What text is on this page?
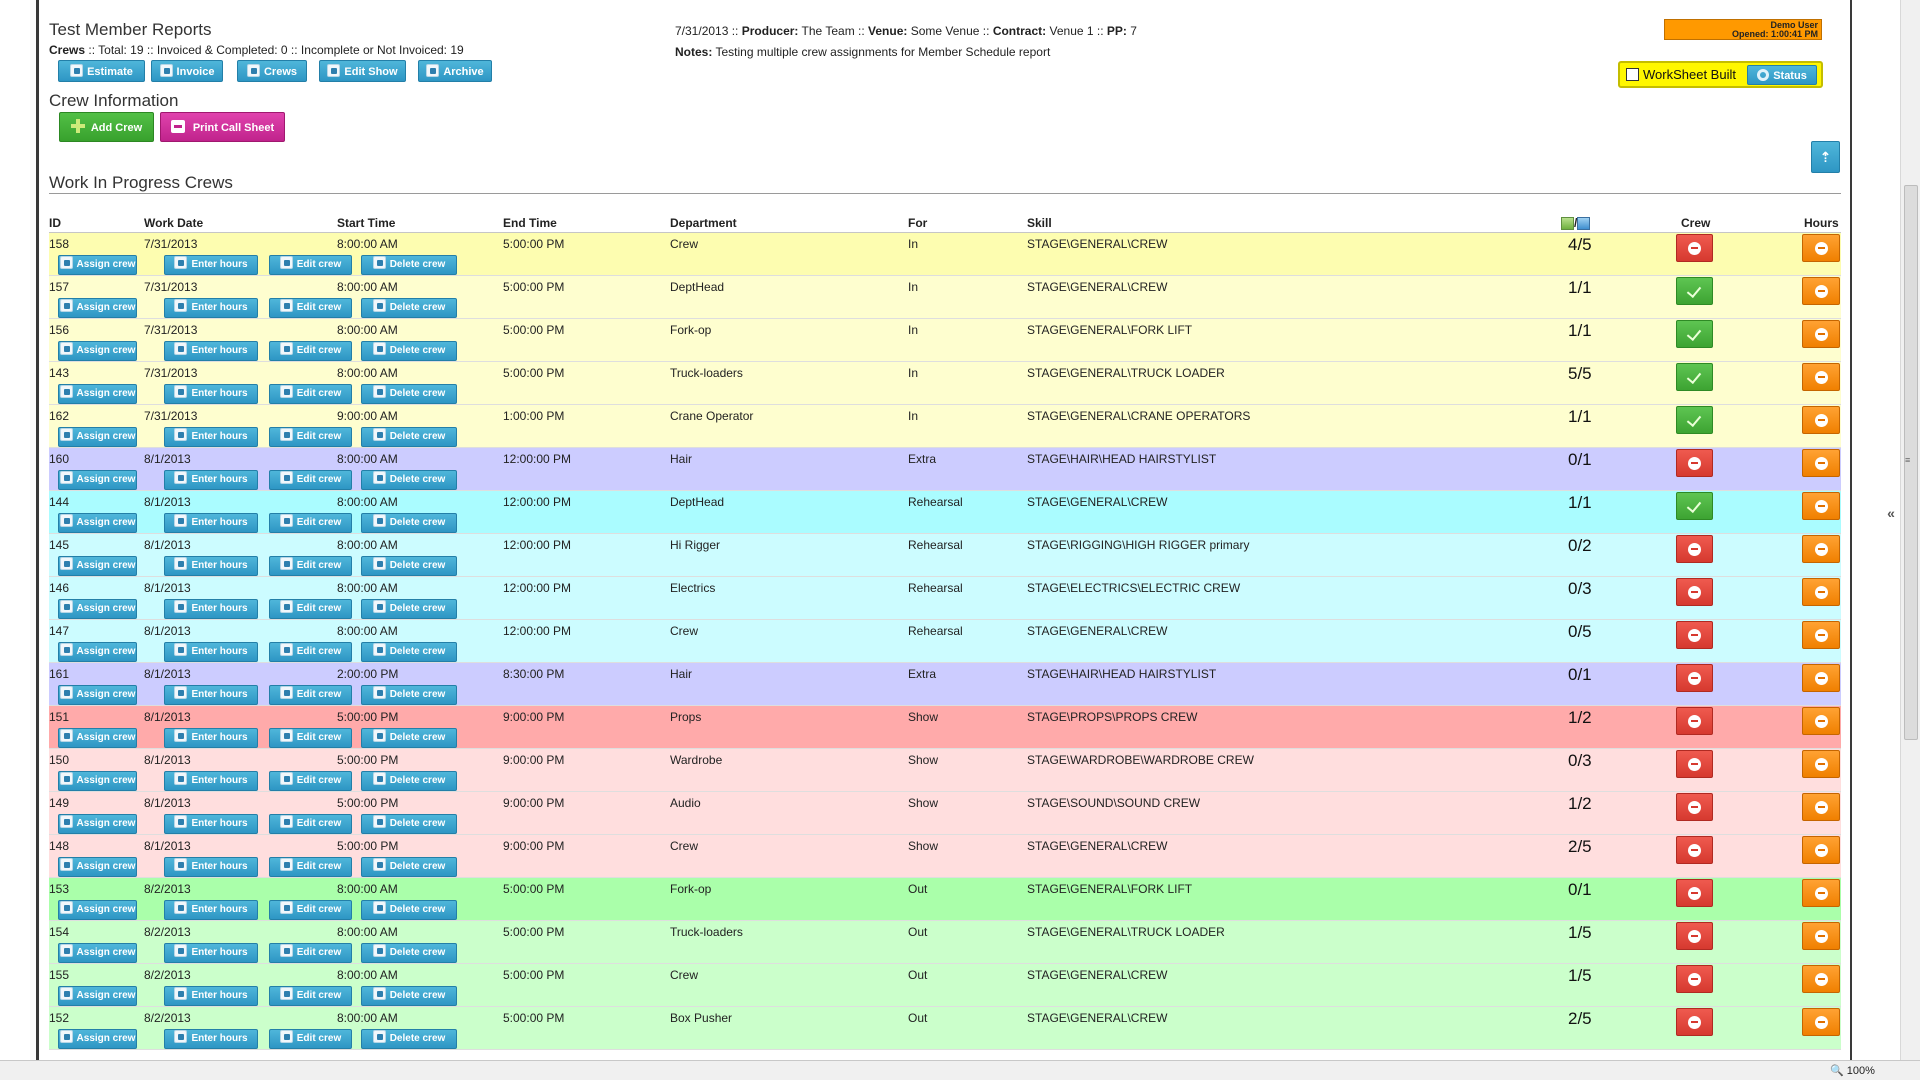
Test Member Reports
Crews :: Total: 19 :: Invoiced & Completed: 0 :: Incomplete or Not Invoiced: 19
7/31/2013 :: Producer: The Team :: Venue: Some Venue :: Contract: Venue 1 :: PP: 7
Notes: Testing multiple crew assignments for Member Schedule report
Estimate	Invoice	Crews	Edit Show	Archive
Crew Information
Add Crew	Print Call Sheet
Demo User
Opened: 1:00:41 PM
WorkSheet Built	Status
⇡
Work In Progress Crews
ID	Work Date	Start Time	End Time	Department	For	Skill	/	Crew	Hours
158	7/31/2013	8:00:00 AM	5:00:00 PM	Crew	In	STAGE\GENERAL\CREW	4/5
Assign crew	Enter hours	Edit crew	Delete crew
157	7/31/2013	8:00:00 AM	5:00:00 PM	DeptHead	In	STAGE\GENERAL\CREW	1/1
Assign crew	Enter hours	Edit crew	Delete crew
156	7/31/2013	8:00:00 AM	5:00:00 PM	Fork-op	In	STAGE\GENERAL\FORK LIFT	1/1
Assign crew	Enter hours	Edit crew	Delete crew
143	7/31/2013	8:00:00 AM	5:00:00 PM	Truck-loaders	In	STAGE\GENERAL\TRUCK LOADER	5/5
Assign crew	Enter hours	Edit crew	Delete crew
162	7/31/2013	9:00:00 AM	1:00:00 PM	Crane Operator	In	STAGE\GENERAL\CRANE OPERATORS	1/1
Assign crew	Enter hours	Edit crew	Delete crew
160	8/1/2013	8:00:00 AM	12:00:00 PM	Hair	Extra	STAGE\HAIR\HEAD HAIRSTYLIST	0/1
Assign crew	Enter hours	Edit crew	Delete crew
144	8/1/2013	8:00:00 AM	12:00:00 PM	DeptHead	Rehearsal	STAGE\GENERAL\CREW	1/1
Assign crew	Enter hours	Edit crew	Delete crew
145	8/1/2013	8:00:00 AM	12:00:00 PM	Hi Rigger	Rehearsal	STAGE\RIGGING\HIGH RIGGER primary	0/2
Assign crew	Enter hours	Edit crew	Delete crew
146	8/1/2013	8:00:00 AM	12:00:00 PM	Electrics	Rehearsal	STAGE\ELECTRICS\ELECTRIC CREW	0/3
Assign crew	Enter hours	Edit crew	Delete crew
147	8/1/2013	8:00:00 AM	12:00:00 PM	Crew	Rehearsal	STAGE\GENERAL\CREW	0/5
Assign crew	Enter hours	Edit crew	Delete crew
161	8/1/2013	2:00:00 PM	8:30:00 PM	Hair	Extra	STAGE\HAIR\HEAD HAIRSTYLIST	0/1
Assign crew	Enter hours	Edit crew	Delete crew
151	8/1/2013	5:00:00 PM	9:00:00 PM	Props	Show	STAGE\PROPS\PROPS CREW	1/2
Assign crew	Enter hours	Edit crew	Delete crew
150	8/1/2013	5:00:00 PM	9:00:00 PM	Wardrobe	Show	STAGE\WARDROBE\WARDROBE CREW	0/3
Assign crew	Enter hours	Edit crew	Delete crew
149	8/1/2013	5:00:00 PM	9:00:00 PM	Audio	Show	STAGE\SOUND\SOUND CREW	1/2
Assign crew	Enter hours	Edit crew	Delete crew
148	8/1/2013	5:00:00 PM	9:00:00 PM	Crew	Show	STAGE\GENERAL\CREW	2/5
Assign crew	Enter hours	Edit crew	Delete crew
153	8/2/2013	8:00:00 AM	5:00:00 PM	Fork-op	Out	STAGE\GENERAL\FORK LIFT	0/1
Assign crew	Enter hours	Edit crew	Delete crew
154	8/2/2013	8:00:00 AM	5:00:00 PM	Truck-loaders	Out	STAGE\GENERAL\TRUCK LOADER	1/5
Assign crew	Enter hours	Edit crew	Delete crew
155	8/2/2013	8:00:00 AM	5:00:00 PM	Crew	Out	STAGE\GENERAL\CREW	1/5
Assign crew	Enter hours	Edit crew	Delete crew
152	8/2/2013	8:00:00 AM	5:00:00 PM	Box Pusher	Out	STAGE\GENERAL\CREW	2/5
Assign crew	Enter hours	Edit crew	Delete crew
«
≡
🔍 100%
